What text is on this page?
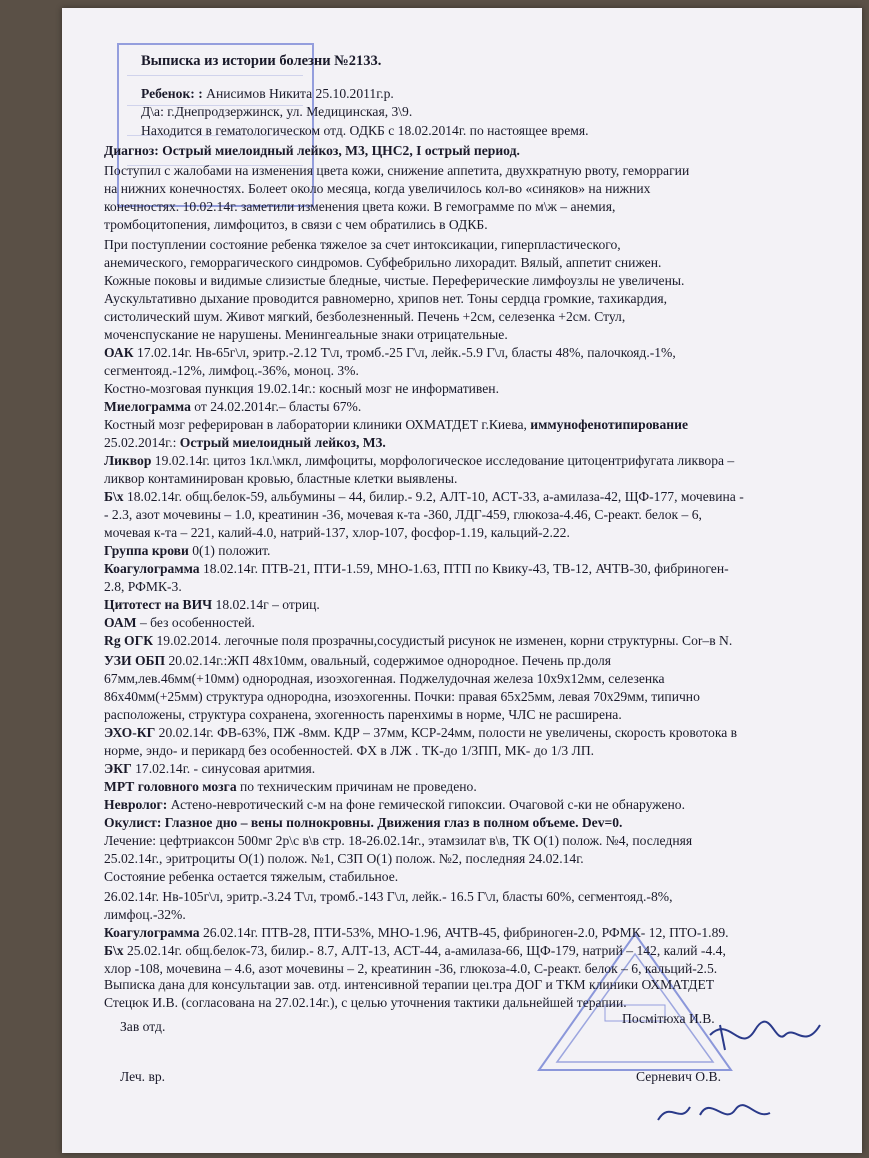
Выписка из истории болезни №2133.
Ребенок: : Анисимов Никита 25.10.2011г.р.
Д\а: г.Днепродзержинск, ул. Медицинская, 3\9.
Находится в гематологическом отд. ОДКБ с 18.02.2014г. по настоящее время.
Диагноз: Острый миелоидный лейкоз, М3, ЦНС2, I острый период.
Поступил с жалобами на изменения цвета кожи, снижение аппетита, двухкратную рвоту, геморрагии
на нижних конечностях. Болеет около месяца, когда увеличилось кол-во «синяков» на нижних
конечностях. 10.02.14г. заметили изменения цвета кожи. В гемограмме по м\ж – анемия,
тромбоцитопения, лимфоцитоз, в связи с чем обратились в ОДКБ.
При поступлении состояние ребенка тяжелое за счет интоксикации, гиперпластического,
анемического, геморрагического синдромов. Субфебрильно лихорадит. Вялый, аппетит снижен.
Кожные поковы и видимые слизистые бледные, чистые. Переферические лимфоузлы не увеличены.
Аускультативно дыхание проводится равномерно, хрипов нет. Тоны сердца громкие, тахикардия,
систолический шум. Живот мягкий, безболезненный. Печень +2см, селезенка +2см. Стул,
моченспускание не нарушены. Менингеальные знаки отрицательные.
ОАК 17.02.14г. Нв-65г\л, эритр.-2.12 Т\л, тромб.-25 Г\л, лейк.-5.9 Г\л, бласты 48%, палочкояд.-1%,
сегментояд.-12%, лимфоц.-36%, моноц. 3%.
Костно-мозговая пункция 19.02.14г.: косный мозг не информативен.
Миелограмма от 24.02.2014г.– бласты 67%.
Костный мозг реферирован в лаборатории клиники ОХМАТДЕТ г.Киева, иммунофенотипирование
25.02.2014г.: Острый миелоидный лейкоз, М3.
Ликвор 19.02.14г. цитоз 1кл.\мкл, лимфоциты, морфологическое исследование цитоцентрифугата ликвора –
ликвор контаминирован кровью, бластные клетки выявлены.
Б\х 18.02.14г. общ.белок-59, альбумины – 44, билир.- 9.2, АЛТ-10, АСТ-33, а-амилаза-42, ЩФ-177, мочевина -
- 2.3, азот мочевины – 1.0, креатинин -36, мочевая к-та -360, ЛДГ-459, глюкоза-4.46, С-реакт. белок – 6,
мочевая к-та – 221, калий-4.0, натрий-137, хлор-107, фосфор-1.19, кальций-2.22.
Группа крови 0(1) положит.
Коагулограмма 18.02.14г. ПТВ-21, ПТИ-1.59, МНО-1.63, ПТП по Квику-43, ТВ-12, АЧТВ-30, фибриноген-
2.8, РФМК-3.
Цитотест на ВИЧ 18.02.14г – отриц.
ОАМ – без особенностей.
Rg ОГК 19.02.2014. легочные поля прозрачны,сосудистый рисунок не изменен, корни структурны. Cor–в N.
УЗИ ОБП 20.02.14г.:ЖП 48x10мм, овальный, содержимое однородное. Печень пр.доля
67мм,лев.46мм(+10мм) однородная, изоэхогенная. Поджелудочная железа 10x9x12мм, селезенка
86x40мм(+25мм) структура однородна, изоэхогенны. Почки: правая 65x25мм, левая 70x29мм, типично
расположены, структура сохранена, эхогенность паренхимы в норме, ЧЛС не расширена.
ЭХО-КГ 20.02.14г. ФВ-63%, ПЖ -8мм. КДР – 37мм, КСР-24мм, полости не увеличены, скорость кровотока в
норме, эндо- и перикард без особенностей. ФХ в ЛЖ . ТК-до 1/3ПП, МК- до 1/3 ЛП.
ЭКГ 17.02.14г. - синусовая аритмия.
МРТ головного мозга по техническим причинам не проведено.
Невролог: Астено-невротический с-м на фоне гемической гипоксии. Очаговой с-ки не обнаружено.
Окулист: Глазное дно – вены полнокровны. Движения глаз в полном объеме. Dev=0.
Лечение: цефтриаксон 500мг 2р\с в\в стр. 18-26.02.14г., этамзилат в\в, ТК О(1) полож. №4, последняя
25.02.14г., эритроциты О(1) полож. №1, СЗП О(1) полож. №2, последняя 24.02.14г.
Состояние ребенка остается тяжелым, стабильное.
26.02.14г. Нв-105г\л, эритр.-3.24 Т\л, тромб.-143 Г\л, лейк.- 16.5 Г\л, бласты 60%, сегментояд.-8%,
лимфоц.-32%.
Коагулограмма 26.02.14г. ПТВ-28, ПТИ-53%, МНО-1.96, АЧТВ-45, фибриноген-2.0, РФМК- 12, ПТО-1.89.
Б\х 25.02.14г. общ.белок-73, билир.- 8.7, АЛТ-13, АСТ-44, а-амилаза-66, ЩФ-179, натрий – 142, калий -4.4,
хлор -108, мочевина – 4.6, азот мочевины – 2, креатинин -36, глюкоза-4.0, С-реакт. белок – 6, кальций-2.5.
Выписка дана для консультации зав. отд. интенсивной терапии цеı.тра ДОГ и ТКМ клиники ОХМАТДЕТ
Стецюк И.В. (согласована на 27.02.14г.), с целью уточнения тактики дальнейшей терапии.
Зав отд.
Посмітюха И.В.
Леч. вр.	Серневич О.В.
